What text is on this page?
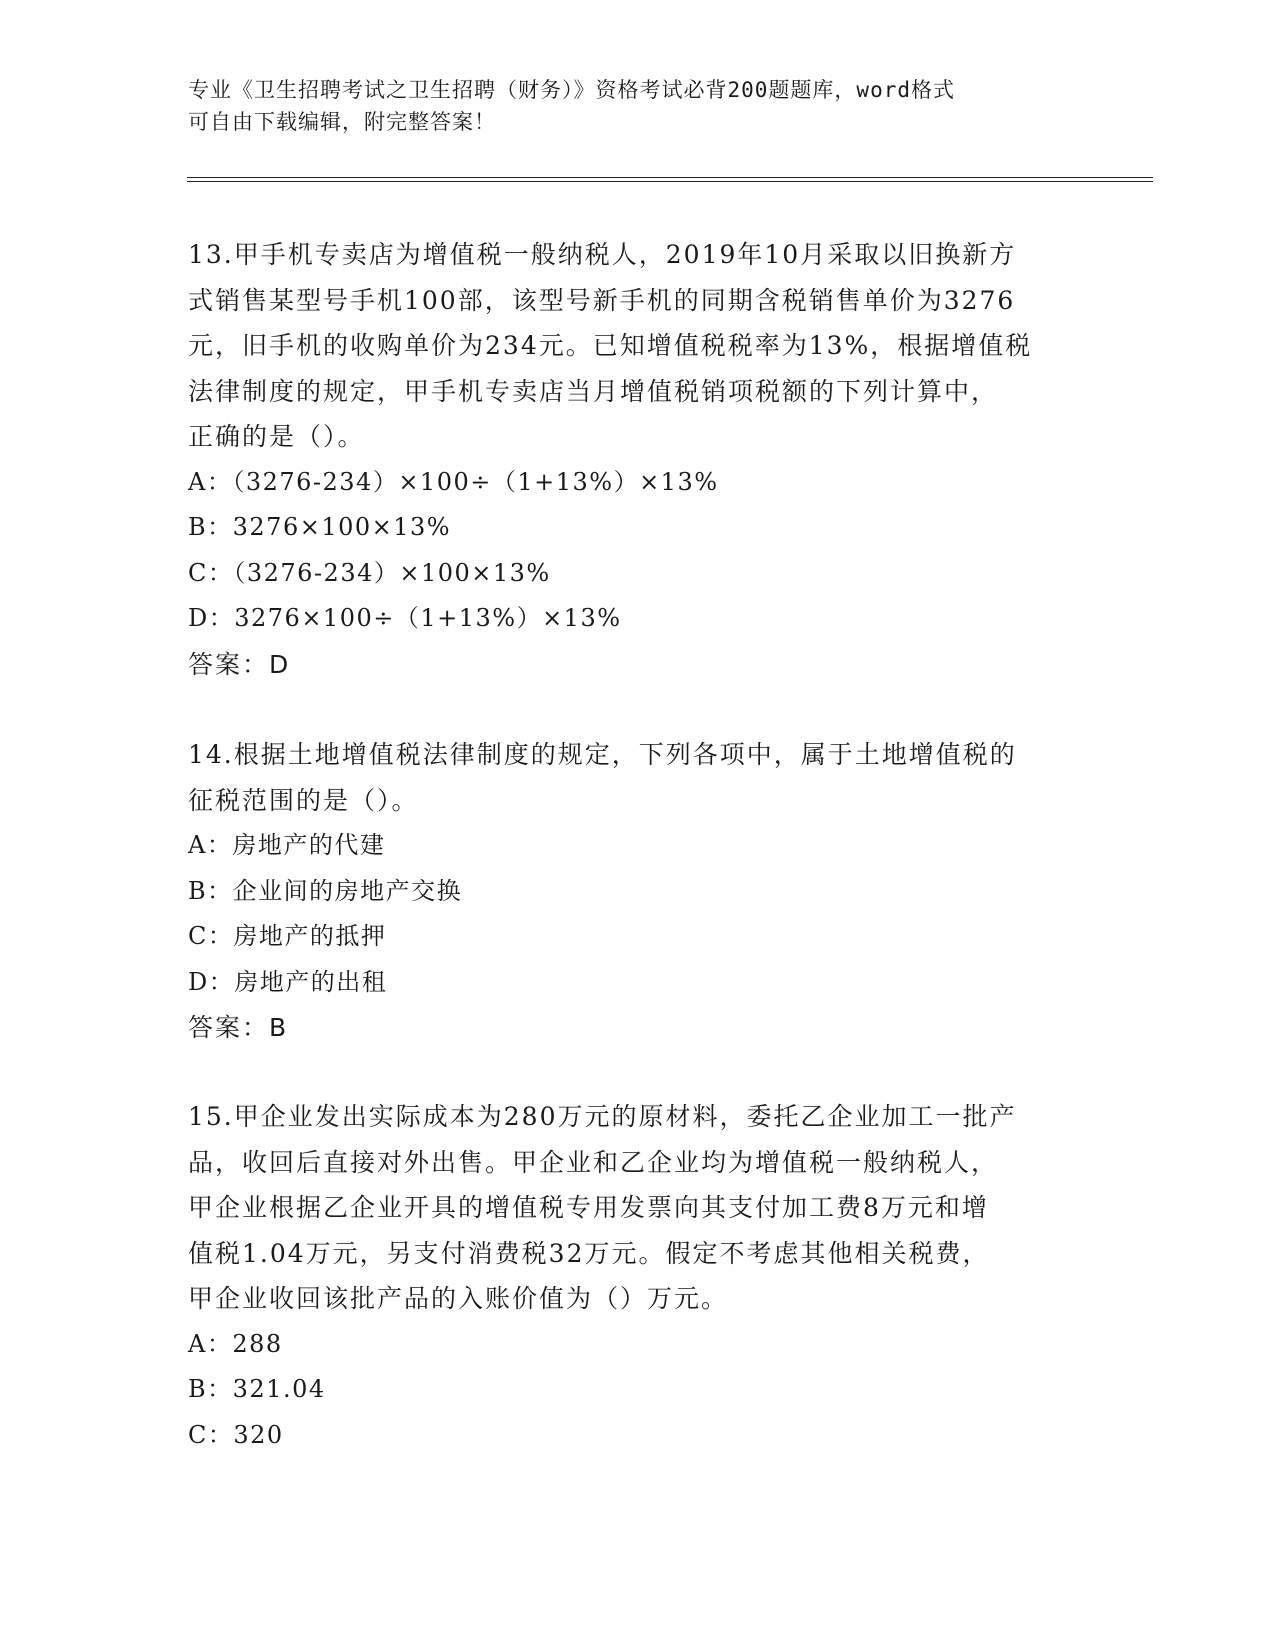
专业《卫生招聘考试之卫生招聘（财务）》资格考试必背200题题库，word格式
可自由下载编辑，附完整答案！
13.甲手机专卖店为增值税一般纳税人，2019年10月采取以旧换新方
式销售某型号手机100部，该型号新手机的同期含税销售单价为3276
元，旧手机的收购单价为234元。已知增值税税率为13%，根据增值税
法律制度的规定，甲手机专卖店当月增值税销项税额的下列计算中，
正确的是（）。
A：（3276-234）×100÷（1+13%）×13%
B：3276×100×13%
C：（3276-234）×100×13%
D：3276×100÷（1+13%）×13%
答案：D
14.根据土地增值税法律制度的规定，下列各项中，属于土地增值税的
征税范围的是（）。
A：房地产的代建
B：企业间的房地产交换
C：房地产的抵押
D：房地产的出租
答案：B
15.甲企业发出实际成本为280万元的原材料，委托乙企业加工一批产
品，收回后直接对外出售。甲企业和乙企业均为增值税一般纳税人，
甲企业根据乙企业开具的增值税专用发票向其支付加工费8万元和增
值税1.04万元，另支付消费税32万元。假定不考虑其他相关税费，
甲企业收回该批产品的入账价值为（）万元。
A：288
B：321.04
C：320
